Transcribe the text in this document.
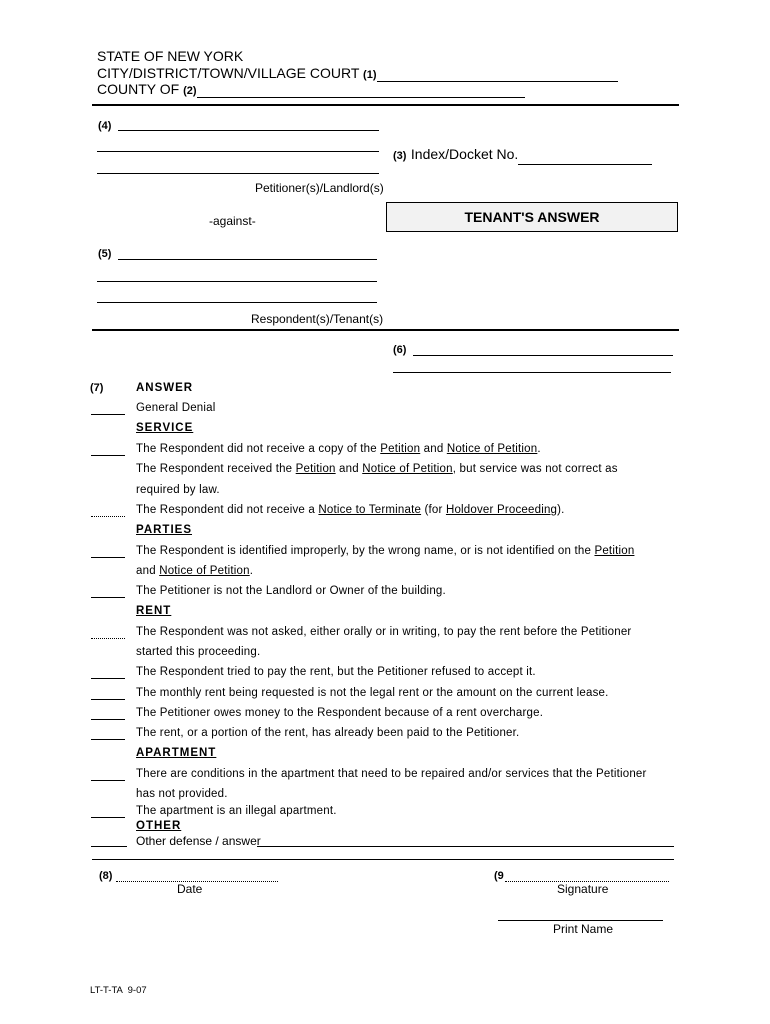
STATE OF NEW YORK
CITY/DISTRICT/TOWN/VILLAGE COURT (1)
COUNTY OF (2)
(4)
Petitioner(s)/Landlord(s)
(3) Index/Docket No.
-against-	TENANT'S ANSWER
(5)
Respondent(s)/Tenant(s)
(6)
(7)	ANSWER
General Denial
SERVICE
The Respondent did not receive a copy of the Petition and Notice of Petition.
The Respondent received the Petition and Notice of Petition, but service was not correct as
required by law.
The Respondent did not receive a Notice to Terminate (for Holdover Proceeding).
PARTIES
The Respondent is identified improperly, by the wrong name, or is not identified on the Petition
and Notice of Petition.
The Petitioner is not the Landlord or Owner of the building.
RENT
The Respondent was not asked, either orally or in writing, to pay the rent before the Petitioner
started this proceeding.
The Respondent tried to pay the rent, but the Petitioner refused to accept it.
The monthly rent being requested is not the legal rent or the amount on the current lease.
The Petitioner owes money to the Respondent because of a rent overcharge.
The rent, or a portion of the rent, has already been paid to the Petitioner.
APARTMENT
There are conditions in the apartment that need to be repaired and/or services that the Petitioner
has not provided.
The apartment is an illegal apartment.
OTHER
Other defense / answer
(8)
Date
(9
Signature
Print Name
LT-T-TA  9-07
